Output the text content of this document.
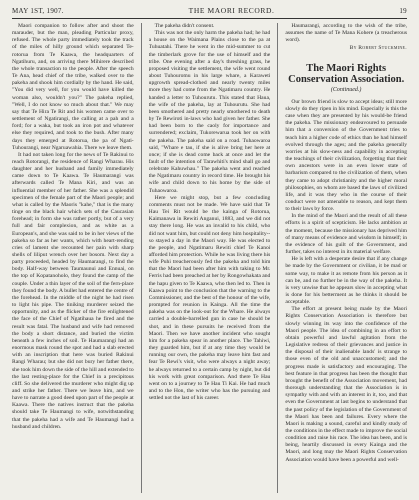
MAY 1ST, 1907.	THE MAORI RECORD.	19

Maori companion to follow after and shoot the marauder, but the man, pleading Particular proxy, refused. The whole party immediately took the track of the miles of hilly ground which separated Te-rotorua from Te Kaawa, the headquarters of Ngatihuru, and, on arriving there Mihirere described the whole transaction to the people. After the speech Te Ana, head chief of the tribe, walked over to the pakeha and shook him cordially by the hand. He said, "You did very well, for you would have killed the woman also, wouldn't you?" The pakeha replied, "Well, I do not know so much about that." We may say that Te Hira Te Rit and his women came over to settlement of Ngatirangi, the calling at a pah and a ford; for a waka, but took an iron pot and whatever else they required, and took to the bush. After many days they emerged at Rotorua, the pa of Ngati-Tuhourangi, near Ngaruawahia. There we leave them.

It had not taken long for the news of Te Rakinui to reach Rotorangi, the residence of Rangi Wharau. His daughter and her husband and family immediately came down to Te Kaawa. Te Haumarangi was afterwards called Te Mana Kiri, and was an influential member of her father. She was a splendid specimen of the female part of the Maori people; and what is called by the Maoris "kahe," that is the many tinge on the black hair which sets of the Caucasian forehead; in form she was rather portly, but of a very full and fair complexion, and as white as a European's, and she was said to be in her views of the pakeha so far as her wants, which with heart-rending cries of lament she recounted her pain with sharp shells of liliput wrench over her bosom. Next day a party proceeded, headed by Haumarangi, to find the body. Half-way between Taumaunui and Ennuai, on the top of Kopatanoholo, they found the camp of the couple. Under a thin layer of the soil of the fern-place they found the body. A bullet had entered the centre of the forehead. In the middle of the night he had risen to light his pipe. The tiniking murderer seized the opportunity, and as the flicker of the fire enlightened the face of the Chief of Ngatihaua he fired and the result was fatal. The husband and wife had removed the body a short distance, and buried the victim beneath a few inches of soil. Te Haumarangi had an enormous mask round the spot and had a slab erected with an inscription that here was buried Rakinui Rangi Wharau; but she did not bury her father there, she took him down the side of the hill and extended to the last resting-place for the Chief in a precipitous cliff. So she delivered the murderer who might dig up and strike her father. There we leave him, and we have to narrate a good deed upon part of the people at Kaawa. There the natives instruct that the pakeha should take Te Haumangi to wife, notwithstanding that the pakeha had a wife and Te Haumangi had a husband and children.

The pakeha didn't consent.

This was not the only harm the pakeha had; he had a house on the Waimana Plains close to the pa at Tuhuatahi. There he went in the mid-summer to cut the timberlark grove for the use of himself and the tribe. One evening after a day's threshing grass, he proposed visiting the settlement, the wife went round about Tuhouromu in his large whare, a Karaweti upgrowth spread-clothed and nearly twenty miles more they had come from the Ngatimaru country. He handed a letter to Tuhourutu. This stated that Haua, the wife of the pakeha, lay at Tuhourutu. She had been smothered and pretty nearly smothered to death by Te Rewiroti in-laws who had given her father. She had been born to the caoly for importance and surrendered; exclaim, Tukorewarua took her on with the pakeha. The pakeha said on a road. Tuhaowaroa said, "Whare e tau, if she is alive bring her here at once; if she is dead come back at once and let the fault of the intention of Tarawhiti's mind shall go and celebrate Kahuwhau." The pakeha went and reached the Ngatimaru country in record time. He brought his wife and child down to his home by the side of Tuhaowaroa.

Here we might stop, but a few concluding comments must not be made. We have said that Te Hau Tei Rit would be the kainga of Rotorua, Kaimanawa in Rewiti Anganui, 1883, and we did not stay there long. He was an invalid to his child, who did not want him, but could not deny him hospitality-- so stayed a day in the Maori way. He was elected to the people, and Ngatimaru Rewiti chief Te Kanoi afforded him protection. While he was living there his wife Puhi treacherously fed the pakeha and told him that the Maori had been after him with taking to Mr. Ferris had been preached at her by Rongowhakata and the hapu given to Te Kaawa, who then led to. Then in Kaawa point to the conclusion that the warning to the Commissioner, and the best of the honour of the wife, prompted for reunion in Kainga. All the time the pakeha was on the look-out for the Whare. He always carried a double-barrelled gun in case he should be shot, and in these pursuits he received from the Maori. Then we have another incident who sought him for a pakeha spear in another place. The Tahiwi, they guarded him, but if at any time they would be running our own, the pakeha may leave him fast and fear Te Rewi's visit, who were always a night away; he always returned to a certain camp by night, but did his work with great comparison. And there Te Hau went on to a journey to Te Hau Ti Kai. He had much and to the Hon, the writer who has the pursuing and settled not the last of his career.

Haumarangi, according to the wish of the tribe, assumes the name of Te Mana Kohere (a treacherous word).

By Robert Stuckmine.
The Maori Rights Conservation Association.
(Continued.)

Our brown friend is slow to accept ideas; still more slowly do they ripen in his mind. Especially is this the case when they are presented by his would-be friend the pakeha. The missionary endeavoured to persuade him that a conversion of the Government tries to teach him a higher code of ethics than he had himself evolved through the ages; and the pakeha generally worries at his slow-ness and capability in accepting the teachings of their civilization, forgetting that their own ancestors were in an even lower state of barbarism compared to the civilization of them, when they came to adopt christianity and the higher moral philosophies, on whom are based the laws of civilized life, and it was they who in the course of their conduct were not amenable to reason, and kept them to their laws by force.

In the mind of the Maori and the result of all these efforts is a spirit of scepticism. He lacks ambition at the moment, because the missionary has deprived him of many means of evidence and wisdom in himself; in the evidence of his guilt of the Government, and further, takes no interest in its material welfare.

He is left with a desperate desire that if any change be made by the Government or civilian, it be mad or some way, to make it as remote from his person as it can be, and no further be in the way of the pakeha. It is very unwise that he appears slow in accepting what is done for his betterment as he thinks it should be acceptable.

The effort at present being made by the Maori Rights Conservation Association is therefore but slowly winning its way into the confidence of the Maori people. The idea of combining in an effort to obtain powerful and lawful agitation from the Legislative redress of their grievances and justice in the disposal of their inalienable lands' is strange to those even of the old and unaccustomed; and the progress made is satisfactory and encouraging. The best feature in that progress has been the thought that brought the benefit of the Association movement, had thorough understanding that the Association is in sympathy with and with an interest in it, too, and that even the Government at last begins to understand that the past policy of the legislation of the Government of the Maori has been and failures. Every where the Maori is making a sound, careful and kindly study of the conditions in the effect made to improve the social condition and raise his race. The idea has been, and is being, heartily discussed in every Kainga and the Maori, and long may the Maori Rights Conservation Association would have been a powerful and well-
